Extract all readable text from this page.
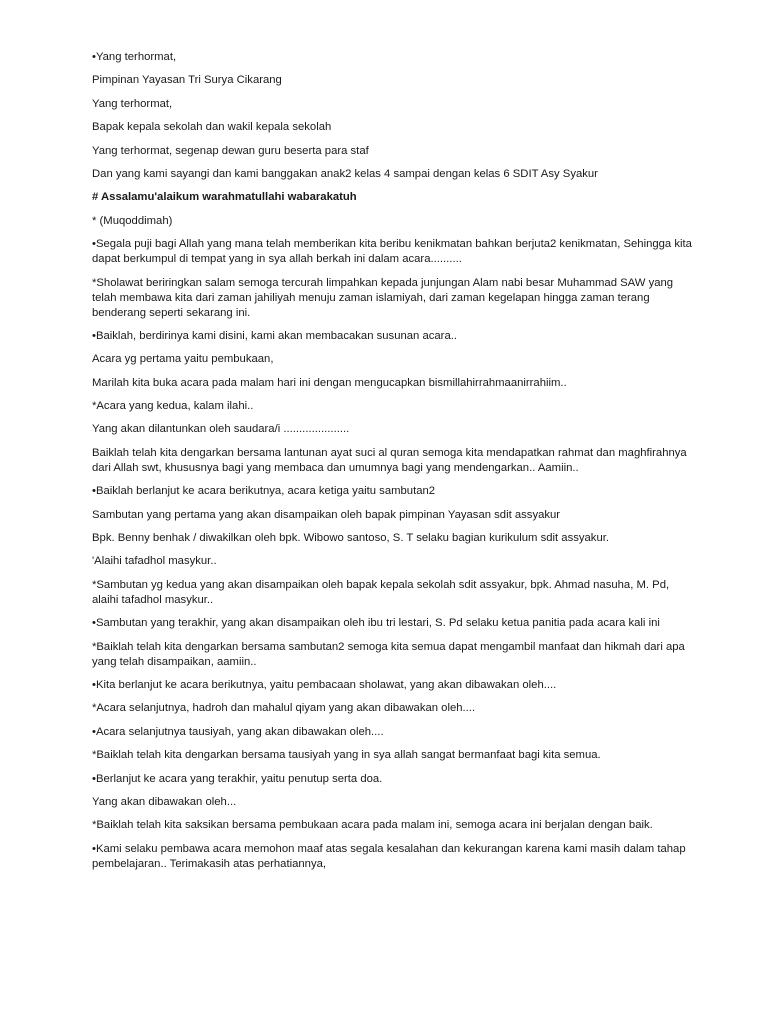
•Yang terhormat,

Pimpinan Yayasan Tri Surya Cikarang

Yang terhormat,

Bapak kepala sekolah dan wakil kepala sekolah

Yang terhormat, segenap dewan guru beserta para staf

Dan yang kami sayangi dan kami banggakan anak2 kelas 4 sampai dengan kelas 6 SDIT Asy Syakur

# Assalamu'alaikum warahmatullahi wabarakatuh

* (Muqoddimah)

•Segala puji bagi Allah yang mana telah memberikan kita beribu kenikmatan bahkan berjuta2 kenikmatan, Sehingga kita dapat berkumpul di tempat yang in sya allah berkah ini dalam acara..........

*Sholawat beriringkan salam semoga tercurah limpahkan kepada junjungan Alam nabi besar Muhammad SAW yang telah membawa kita dari zaman jahiliyah menuju zaman islamiyah, dari zaman kegelapan hingga zaman terang benderang seperti sekarang ini.

•Baiklah, berdirinya kami disini, kami akan membacakan susunan acara..

Acara yg pertama yaitu pembukaan,

Marilah kita buka acara pada malam hari ini dengan mengucapkan bismillahirrahmaanirrahiim..

*Acara yang kedua, kalam ilahi..

Yang akan dilantunkan oleh saudara/i .....................

Baiklah telah kita dengarkan bersama lantunan ayat suci al quran semoga kita mendapatkan rahmat dan maghfirahnya dari Allah swt, khususnya bagi yang membaca dan umumnya bagi yang mendengarkan.. Aamiin..

•Baiklah berlanjut ke acara berikutnya, acara ketiga yaitu sambutan2

Sambutan yang pertama yang akan disampaikan oleh bapak pimpinan Yayasan sdit assyakur

Bpk. Benny benhak / diwakilkan oleh bpk. Wibowo santoso, S. T selaku bagian kurikulum sdit assyakur.

'Alaihi tafadhol masykur..

*Sambutan yg kedua yang akan disampaikan oleh bapak kepala sekolah sdit assyakur, bpk. Ahmad nasuha, M. Pd, alaihi tafadhol masykur..

•Sambutan yang terakhir, yang akan disampaikan oleh ibu tri lestari, S. Pd selaku ketua panitia pada acara kali ini

*Baiklah telah kita dengarkan bersama sambutan2 semoga kita semua dapat mengambil manfaat dan hikmah dari apa yang telah disampaikan, aamiin..

•Kita berlanjut ke acara berikutnya, yaitu pembacaan sholawat, yang akan dibawakan oleh....

*Acara selanjutnya, hadroh dan mahalul qiyam yang akan dibawakan oleh....

•Acara selanjutnya tausiyah, yang akan dibawakan oleh....

*Baiklah telah kita dengarkan bersama tausiyah yang in sya allah sangat bermanfaat bagi kita semua.

•Berlanjut ke acara yang terakhir, yaitu penutup serta doa.

Yang akan dibawakan oleh...

*Baiklah telah kita saksikan bersama pembukaan acara pada malam ini, semoga acara ini berjalan dengan baik.

•Kami selaku pembawa acara memohon maaf atas segala kesalahan dan kekurangan karena kami masih dalam tahap pembelajaran.. Terimakasih atas perhatiannya,
